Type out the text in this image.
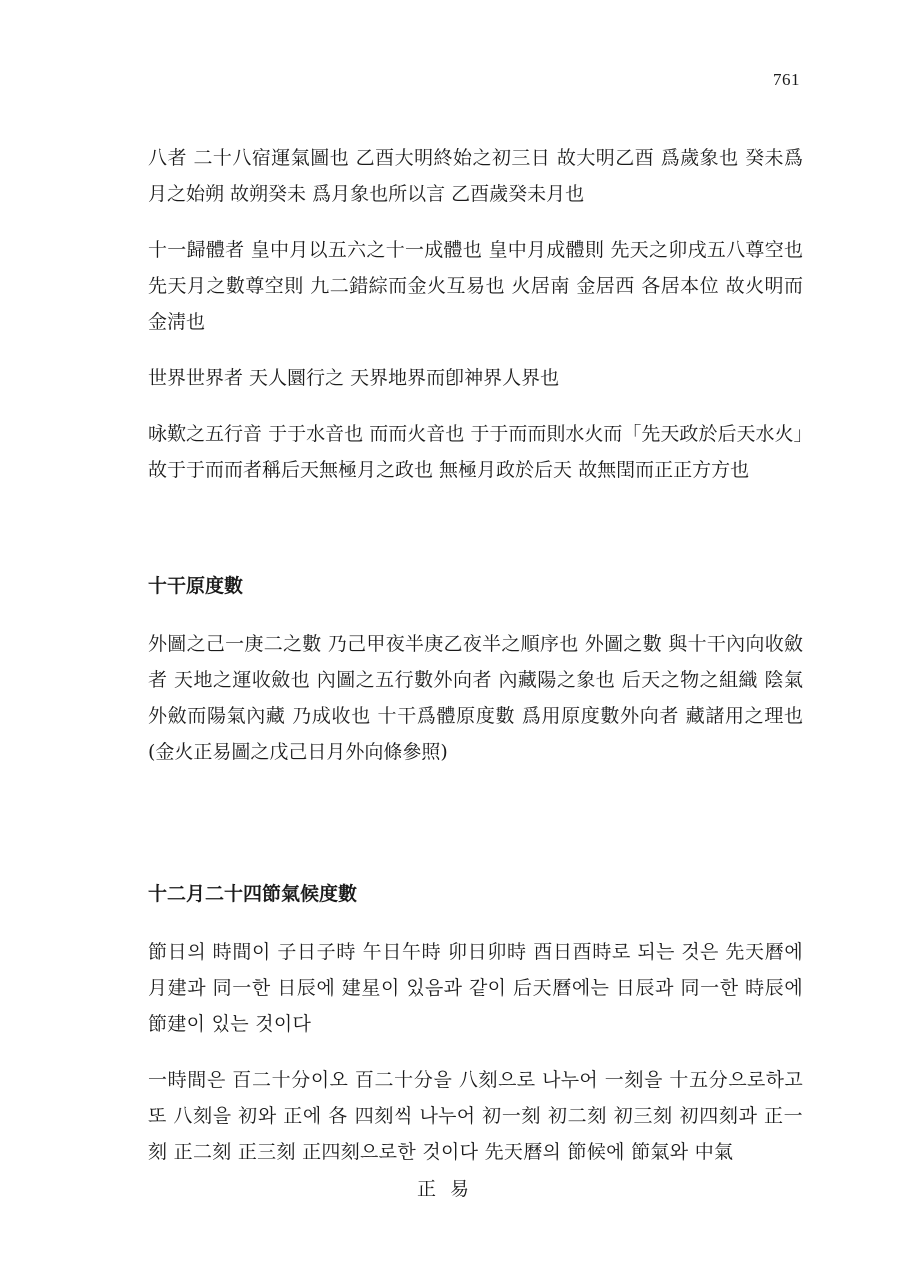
761

八者 二十八宿運氣圖也 乙酉大明終始之初三日 故大明乙酉 爲歲象也 癸未爲月之始朔 故朔癸未 爲月象也所以言 乙酉歲癸未月也

十一歸體者 皇中月以五六之十一成體也 皇中月成體則 先天之卯戌五八尊空也 先天月之數尊空則 九二錯綜而金火互易也 火居南 金居西 各居本位 故火明而金淸也

世界世界者 天人圜行之 天界地界而卽神界人界也

咏歎之五行音 于于水音也 而而火音也 于于而而則水火而「先天政於后天水火」故于于而而者稱后天無極月之政也 無極月政於后天 故無閏而正正方方也

十干原度數

外圖之己一庚二之數 乃己甲夜半庚乙夜半之順序也 外圖之數 與十干內向收斂者 天地之運收斂也 內圖之五行數外向者 內藏陽之象也 后天之物之組織 陰氣外斂而陽氣內藏 乃成收也 十干爲體原度數 爲用原度數外向者 藏諸用之理也(金火正易圖之戊己日月外向條參照)

十二月二十四節氣候度數

節日의 時間이 子日子時 午日午時 卯日卯時 酉日酉時로 되는 것은 先天曆에 月建과 同一한 日辰에 建星이 있음과 같이 后天曆에는 日辰과 同一한 時辰에 節建이 있는 것이다

一時間은 百二十分이오 百二十分을 八刻으로 나누어 一刻을 十五分으로하고 또 八刻을 初와 正에 各 四刻씩 나누어 初一刻 初二刻 初三刻 初四刻과 正一刻 正二刻 正三刻 正四刻으로한 것이다 先天曆의 節候에 節氣와 中氣

正易
